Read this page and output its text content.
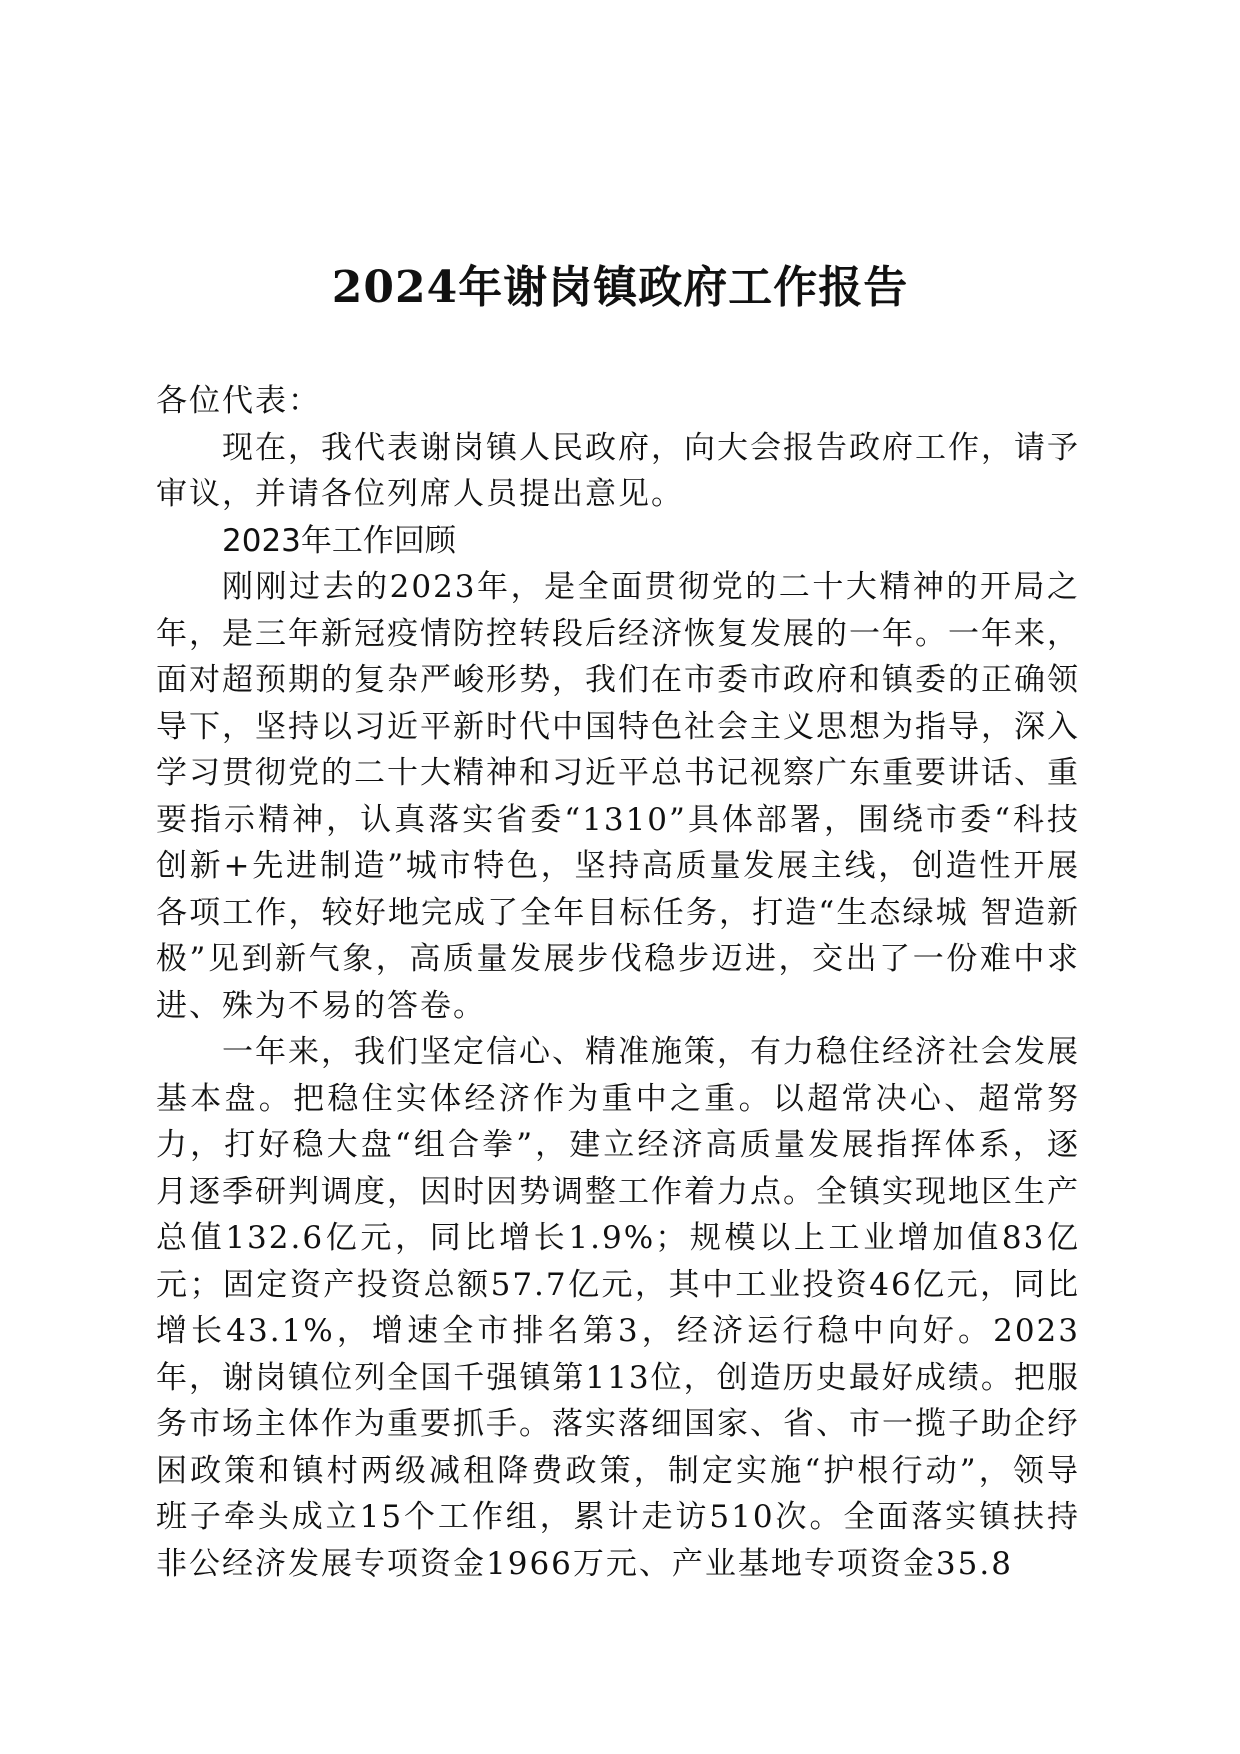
2024年谢岗镇政府工作报告

各位代表：

现在，我代表谢岗镇人民政府，向大会报告政府工作，请予审议，并请各位列席人员提出意见。

2023年工作回顾

刚刚过去的2023年，是全面贯彻党的二十大精神的开局之年，是三年新冠疫情防控转段后经济恢复发展的一年。一年来，面对超预期的复杂严峻形势，我们在市委市政府和镇委的正确领导下，坚持以习近平新时代中国特色社会主义思想为指导，深入学习贯彻党的二十大精神和习近平总书记视察广东重要讲话、重要指示精神，认真落实省委“1310”具体部署，围绕市委“科技创新+先进制造”城市特色，坚持高质量发展主线，创造性开展各项工作，较好地完成了全年目标任务，打造“生态绿城 智造新极”见到新气象，高质量发展步伐稳步迈进，交出了一份难中求进、殊为不易的答卷。

一年来，我们坚定信心、精准施策，有力稳住经济社会发展基本盘。把稳住实体经济作为重中之重。以超常决心、超常努力，打好稳大盘“组合拳”，建立经济高质量发展指挥体系，逐月逐季研判调度，因时因势调整工作着力点。全镇实现地区生产总值132.6亿元，同比增长1.9%；规模以上工业增加值83亿元；固定资产投资总额57.7亿元，其中工业投资46亿元，同比增长43.1%，增速全市排名第3，经济运行稳中向好。2023年，谢岗镇位列全国千强镇第113位，创造历史最好成绩。把服务市场主体作为重要抓手。落实落细国家、省、市一揽子助企纾困政策和镇村两级减租降费政策，制定实施“护根行动”，领导班子牵头成立15个工作组，累计走访510次。全面落实镇扶持非公经济发展专项资金1966万元、产业基地专项资金35.8
